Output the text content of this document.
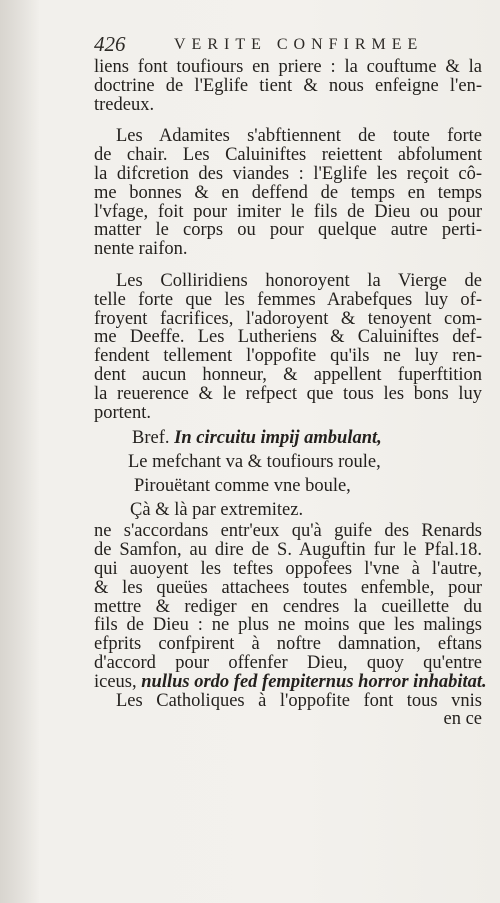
426	VERITE CONFIRMEE
liens font toufiours en priere : la couftume & la
doctrine de l'Eglife tient & nous enfeigne l'en-
tredeux.
Les Adamites s'abftiennent de toute forte
de chair. Les Caluiniftes reiettent abfolument
la difcretion des viandes : l'Eglife les reçoit cô-
me bonnes & en deffend de temps en temps
l'vfage, foit pour imiter le fils de Dieu ou pour
matter le corps ou pour quelque autre perti-
nente raifon.
Les Colliridiens honoroyent la Vierge de
telle forte que les femmes Arabefques luy of-
froyent facrifices, l'adoroyent & tenoyent com-
me Deeffe. Les Lutheriens & Caluiniftes def-
fendent tellement l'oppofite qu'ils ne luy ren-
dent aucun honneur, & appellent fuperftition
la reuerence & le refpect que tous les bons luy
portent.
Bref. In circuitu impij ambulant,
Le mefchant va & toufiours roule,
Pirouëtant comme vne boule,
Çà & là par extremitez.
ne s'accordans entr'eux qu'à guife des Renards
de Samfon, au dire de S. Auguftin fur le Pfal.18.
qui auoyent les teftes oppofees l'vne à l'autre,
& les queües attachees toutes enfemble, pour
mettre & rediger en cendres la cueillette du
fils de Dieu : ne plus ne moins que les malings
efprits confpirent à noftre damnation, eftans
d'accord pour offenfer Dieu, quoy qu'entre
iceus, nullus ordo fed fempiternus horror inhabitat.
Les Catholiques à l'oppofite font tous vnis
en ce
